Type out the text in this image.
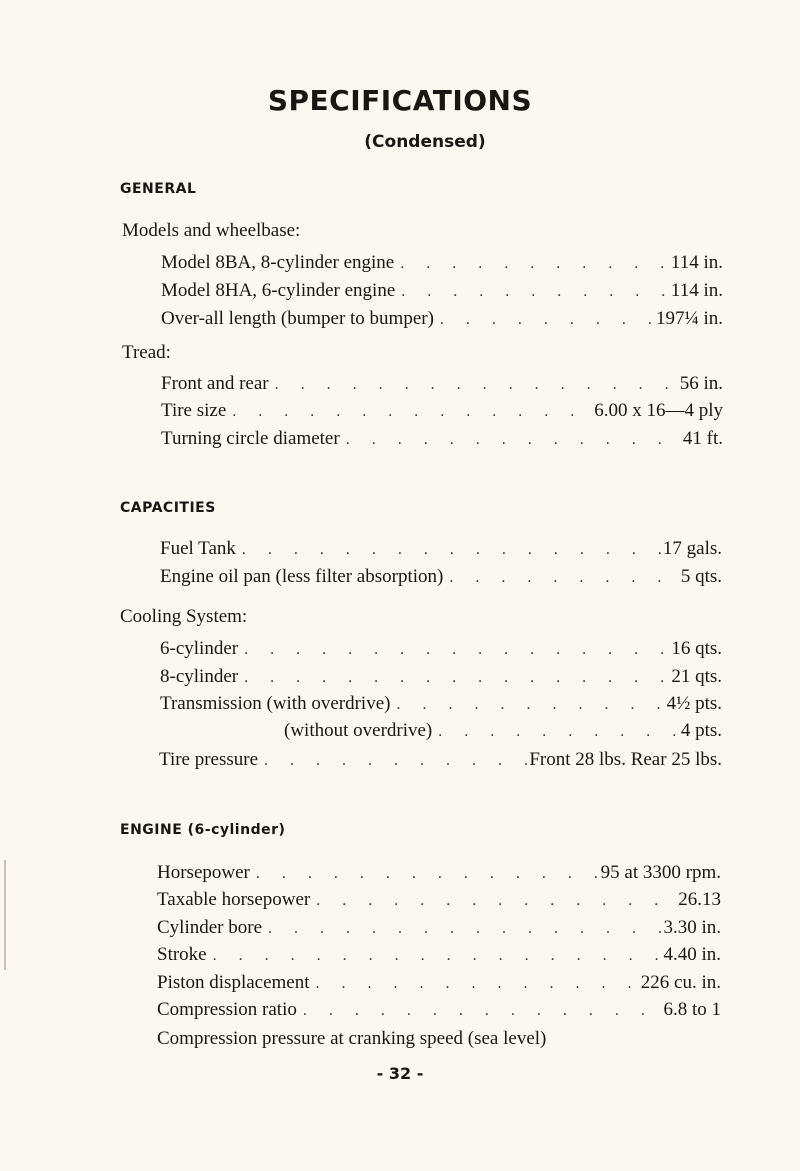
SPECIFICATIONS
(Condensed)
GENERAL
Models and wheelbase:
Model 8BA, 8-cylinder engine . . .	114 in.
Model 8HA, 6-cylinder engine . . .	114 in.
Over-all length (bumper to bumper) . . .	197¼ in.
Tread:
Front and rear . . .	56 in.
Tire size . . .	6.00 x 16—4 ply
Turning circle diameter . . .	41 ft.
CAPACITIES
Fuel Tank . . .	17 gals.
Engine oil pan (less filter absorption) . . .	5 qts.
Cooling System:
6-cylinder . . .	16 qts.
8-cylinder . . .	21 qts.
Transmission (with overdrive) . . .	4½ pts.
(without overdrive) . . .	4 pts.
Tire pressure . . .	Front 28 lbs. Rear 25 lbs.
ENGINE (6-cylinder)
Horsepower . . .	95 at 3300 rpm.
Taxable horsepower . . .	26.13
Cylinder bore . . .	3.30 in.
Stroke . . .	4.40 in.
Piston displacement . . .	226 cu. in.
Compression ratio . . .	6.8 to 1
Compression pressure at cranking speed (sea level)
- 32 -
